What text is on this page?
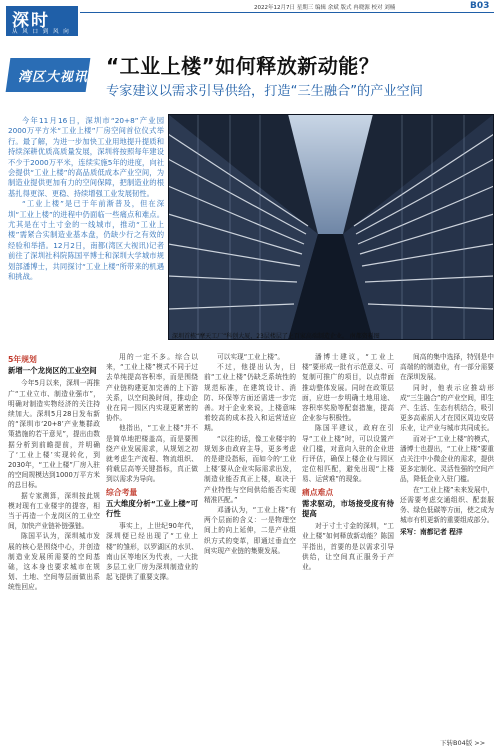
深时
从 风 口 到 风 向
2022年12月7日 星期三 编辑 余斌 版式 冉晓源 校对 刘楠	B03
湾区大视讯 “工业上楼”如何释放新动能？
专家建议以需求引导供给，打造“三生融合”的产业空间

今年11月16日，深圳市“20+8”产业园2000万平方米“工业上楼”厂房空间首位仪式举行。最了解，为进一步加快工业用地提升提质和持续深耕优质高质量发展，深圳将按照每年建设不少于2000万平米，连续实施5年的进度，向社会提供“工业上楼”的高品质低成本产业空间，为制造业提供更加有力的空间保障，把制造业的根基扎得更深、更稳、持续增强工业发展韧性。

“工业上楼”是已于年前渐普及，但在深圳“工业上楼”的进程中仍面临一些痛点和难点。尤其是在寸土寸金的一线城市，推动“工业上楼”需紧合实制造业基本盘，仍缺少行之有效的经验和举措。12月2日，南都(湾区大视讯)记者前往了深圳社科院陈国平博士和深圳大学城市规划部潘博士，共同探讨“工业上楼”所带来的机遇和挑战。

深圳首栋“摩天工厂”科创大厦，23层楼层了上百家高端制造企业。 南都资料图
5年规划
新增一个龙岗区的工业空间

今年5月以来，深圳一再推广“工业立市、制造业强市”，明确对制造实物经济的关注持续加大。深圳5月28日发布新的“深圳市‘20+8’产业集群政策措施的若干意见”，提出由数据分析到前瞻提前，并明确了‘工业上楼’实现转化，到2030年，“工业上楼”厂房入驻的空间规模达到1000万平方米的总目标。

据专家测算，深圳按此规模对现有工业楼宇的提容，相当于再造一个龙岗区的工业空间，加快产业链补链强链。

陈国平认为，深圳城市发展的核心是围绕中心，并创造制造业发展所需要的空间基础，这本身也要求城市在规划、土地、空间等层面做出系统性回应。

用的一定不多。综合以来，“工业上楼”模式不同于过去单纯提高容积率，而是围绕产业链构建更加完善的上下游关系，以空间换时间，推动企业在同一园区内实现更紧密的协作。

他指出，“工业上楼”并不是简单地把楼盖高，而是要围绕产业发展需求，从规划之初就考虑生产流程、物流组织、荷载层高等关键指标，真正做到以需求为导向。

综合考量
五大维度分析“工业上楼”可行性

事实上，上世纪90年代，深圳便已经出现了“工业上楼”的雏形，以罗湖区的水贝、南山区等地区为代表，一大批多层工业厂房为深圳制造业的起飞提供了重要支撑。

可以实现“工业上楼”。

不过，他提出认为，目前“工业上楼”仍缺乏系统性的规范标准，在建筑设计、消防、环保等方面还需进一步完善。对于企业来说，上楼意味着较高的成本投入和运营适应期。

“以往的话，像工业楼宇的规划多由政府主导，更多考虑的是建设指标，而如今的‘工业上楼’要从企业实际需求出发，制造业能否真正上楼，取决于产业特性与空间供给能否实现精准匹配。”

邓潘认为，“工业上楼”有两个层面的含义：一是物理空间上的向上延伸，二是产业组织方式的变革，即通过垂直空间实现产业链的集聚发展。

潘博士建议，“工业上楼”要形成一批有示范意义、可复制可推广的项目，以点带面推动整体发展。同时在政策层面，应进一步明确土地用途、容积率奖励等配套措施，提高企业参与积极性。

陈国平建议，政府在引导“工业上楼”时，可以设置产业门槛，对意向入驻的企业进行评估，确保上楼企业与园区定位相匹配，避免出现“上楼易、运营难”的现象。

痛点难点
需求驱动，市场接受度有待提高

对于寸土寸金的深圳，“工业上楼”如何释放新动能？陈国平指出，首要的是以需求引导供给，让空间真正服务于产业。

间高的集中选择，特别是中高端的的制造业，有一部分需要在深圳发展。

同时，他表示应推动形成“三生融合”的产业空间，即生产、生活、生态有机结合，吸引更多高素质人才在园区周边安居乐业，让产业与城市共同成长。

而对于“工业上楼”的模式，潘博士也提出，“工业上楼”要重点关注中小微企业的需求，提供更多定制化、灵活性强的空间产品，降低企业入驻门槛。

在“工业上楼”未来发展中，还需要考虑交通组织、配套服务、绿色低碳等方面，使之成为城市有机更新的重要组成部分。

采写：南都记者 程洋

下转B04版 >>
